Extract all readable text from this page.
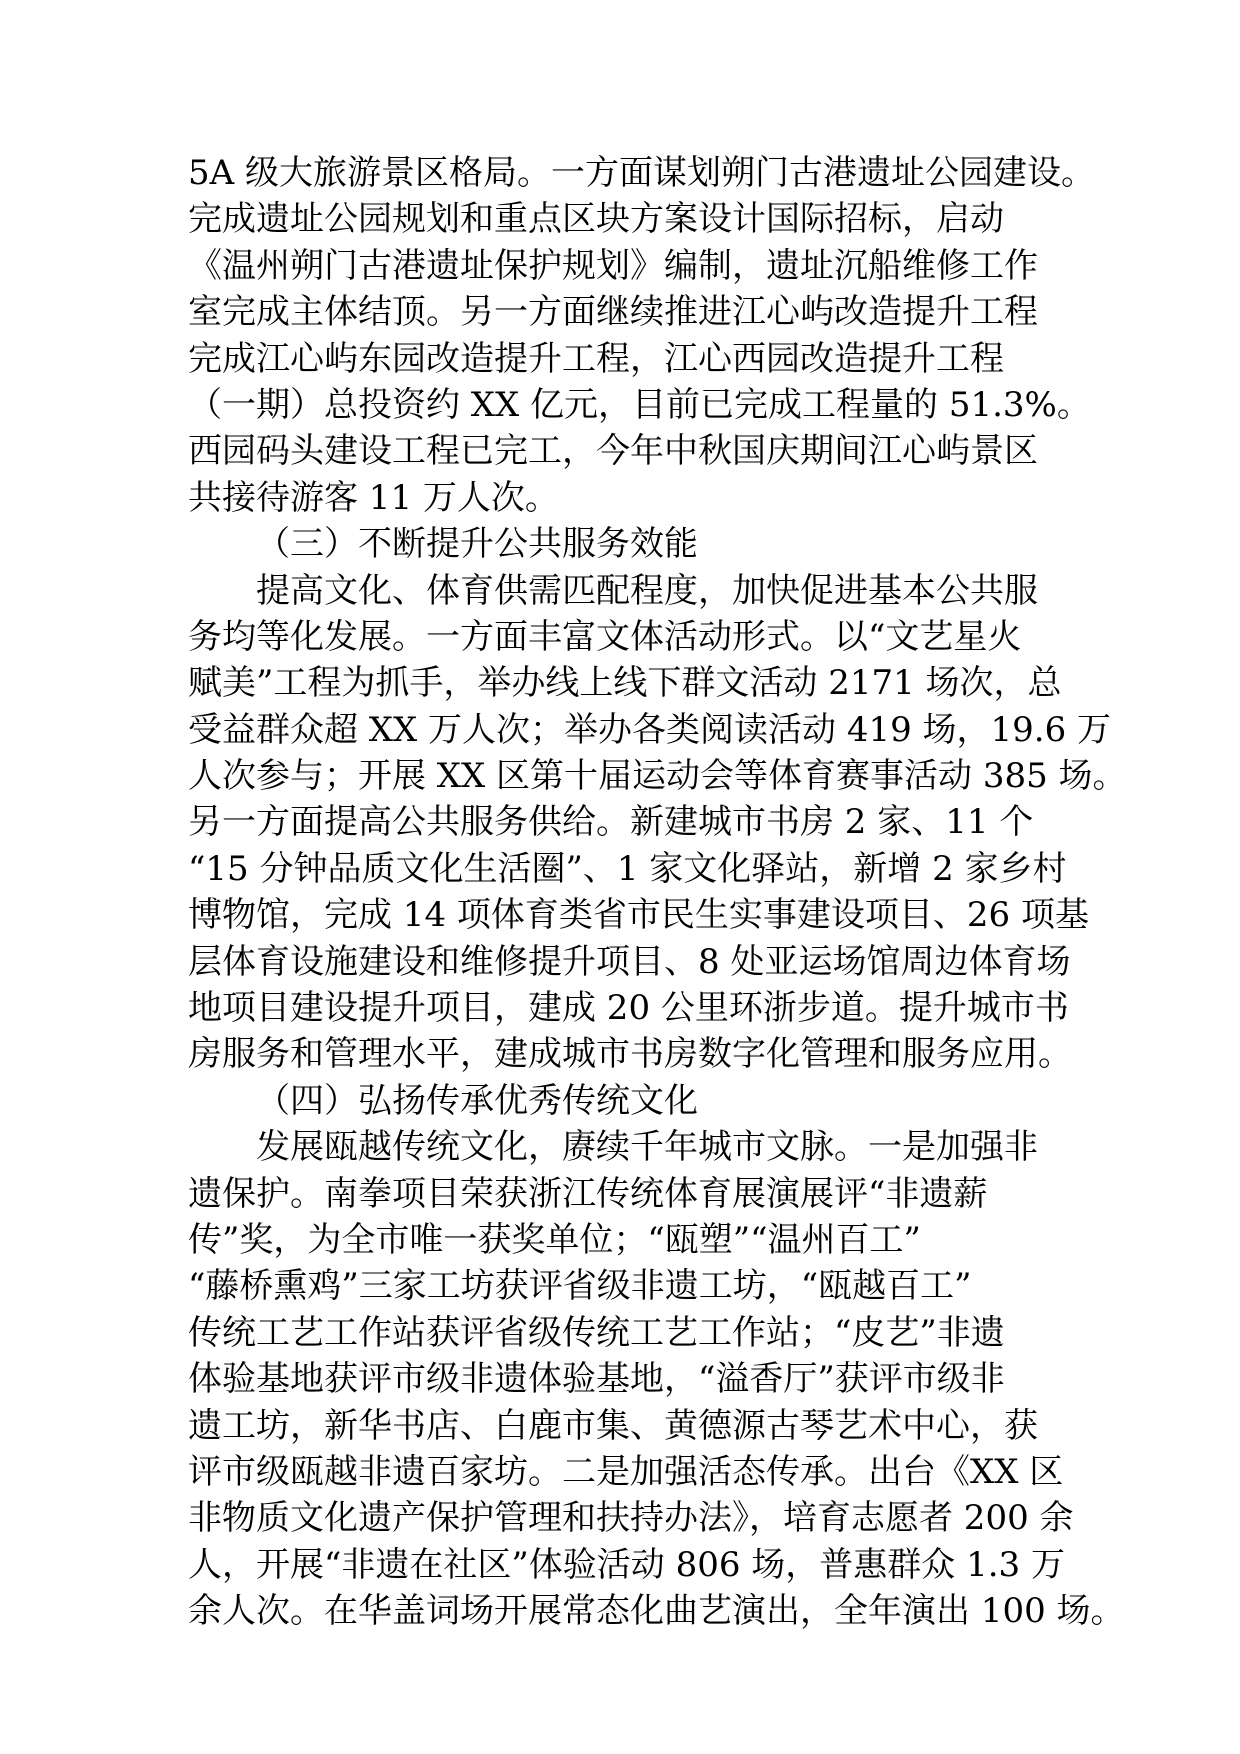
5A 级大旅游景区格局。一方面谋划朔门古港遗址公园建设。
完成遗址公园规划和重点区块方案设计国际招标，启动
《温州朔门古港遗址保护规划》编制，遗址沉船维修工作
室完成主体结顶。另一方面继续推进江心屿改造提升工程
完成江心屿东园改造提升工程，江心西园改造提升工程
（一期）总投资约 XX 亿元，目前已完成工程量的 51.3%。
西园码头建设工程已完工，今年中秋国庆期间江心屿景区
共接待游客 11 万人次。
（三）不断提升公共服务效能
提高文化、体育供需匹配程度，加快促进基本公共服
务均等化发展。一方面丰富文体活动形式。以“文艺星火
赋美”工程为抓手，举办线上线下群文活动 2171 场次，总
受益群众超 XX 万人次；举办各类阅读活动 419 场，19.6 万
人次参与；开展 XX 区第十届运动会等体育赛事活动 385 场。
另一方面提高公共服务供给。新建城市书房 2 家、11 个
“15 分钟品质文化生活圈”、1 家文化驿站，新增 2 家乡村
博物馆，完成 14 项体育类省市民生实事建设项目、26 项基
层体育设施建设和维修提升项目、8 处亚运场馆周边体育场
地项目建设提升项目，建成 20 公里环浙步道。提升城市书
房服务和管理水平，建成城市书房数字化管理和服务应用。
（四）弘扬传承优秀传统文化
发展瓯越传统文化，赓续千年城市文脉。一是加强非
遗保护。南拳项目荣获浙江传统体育展演展评“非遗薪
传”奖，为全市唯一获奖单位；“瓯塑”“温州百工”
“藤桥熏鸡”三家工坊获评省级非遗工坊，“瓯越百工”
传统工艺工作站获评省级传统工艺工作站；“皮艺”非遗
体验基地获评市级非遗体验基地，“溢香厅”获评市级非
遗工坊，新华书店、白鹿市集、黄德源古琴艺术中心，获
评市级瓯越非遗百家坊。二是加强活态传承。出台《XX 区
非物质文化遗产保护管理和扶持办法》，培育志愿者 200 余
人，开展“非遗在社区”体验活动 806 场，普惠群众 1.3 万
余人次。在华盖词场开展常态化曲艺演出，全年演出 100 场。
